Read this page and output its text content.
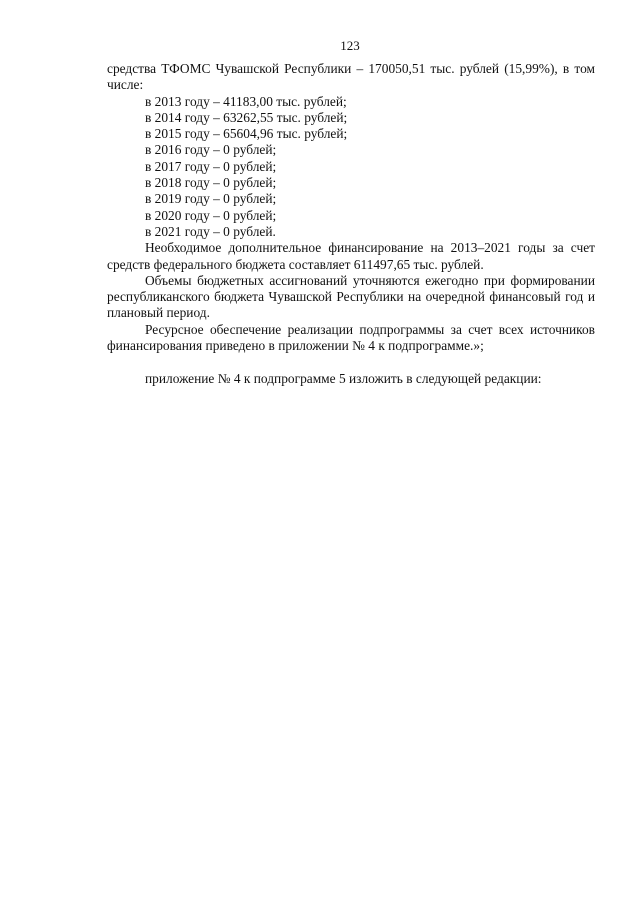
123

средства ТФОМС Чувашской Республики – 170050,51 тыс. рублей (15,99%), в том числе:

в 2013 году – 41183,00 тыс. рублей;

в 2014 году – 63262,55 тыс. рублей;

в 2015 году – 65604,96 тыс. рублей;

в 2016 году – 0 рублей;

в 2017 году – 0 рублей;

в 2018 году – 0 рублей;

в 2019 году – 0 рублей;

в 2020 году – 0 рублей;

в 2021 году – 0 рублей.

Необходимое дополнительное финансирование на 2013–2021 годы за счет средств федерального бюджета составляет 611497,65 тыс. рублей.

Объемы бюджетных ассигнований уточняются ежегодно при формировании республиканского бюджета Чувашской Республики на очередной финансовый год и плановый период.

Ресурсное обеспечение реализации подпрограммы за счет всех источников финансирования приведено в приложении № 4 к подпрограмме.»;

приложение № 4 к подпрограмме 5 изложить в следующей редакции:
